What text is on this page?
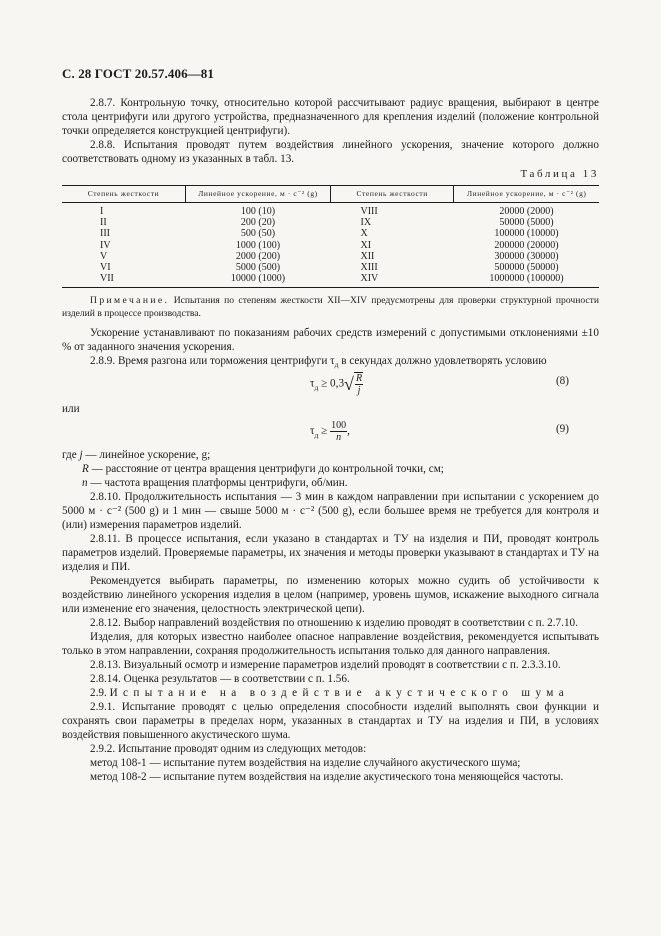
С. 28 ГОСТ 20.57.406—81

2.8.7. Контрольную точку, относительно которой рассчитывают радиус вращения, выбирают в центре стола центрифуги или другого устройства, предназначенного для крепления изделий (положение контрольной точки определяется конструкцией центрифуги).

2.8.8. Испытания проводят путем воздействия линейного ускорения, значение которого должно соответствовать одному из указанных в табл. 13.

Таблица 13
Степень жесткости	Линейное ускорение, м · с⁻² (g)	Степень жесткости	Линейное ускорение, м · с⁻² (g)
I	100 (10)	VIII	20000 (2000)
II	200 (20)	IX	50000 (5000)
III	500 (50)	X	100000 (10000)
IV	1000 (100)	XI	200000 (20000)
V	2000 (200)	XII	300000 (30000)
VI	5000 (500)	XIII	500000 (50000)
VII	10000 (1000)	XIV	1000000 (100000)

Примечание. Испытания по степеням жесткости XII—XIV предусмотрены для проверки структурной прочности изделий в процессе производства.

Ускорение устанавливают по показаниям рабочих средств измерений с допустимыми отклонениями ±10 % от заданного значения ускорения.

2.8.9. Время разгона или торможения центрифуги $\tau_д$ в секундах должно удовлетворять условию

$\tau_д \ge 0,3√ \frac{R}{j}$	(8)

или

$\tau_д \ge \frac{100}{n}$ ,	(9)

где j — линейное ускорение, g;

R — расстояние от центра вращения центрифуги до контрольной точки, см;

n — частота вращения платформы центрифуги, об/мин.

2.8.10. Продолжительность испытания — 3 мин в каждом направлении при испытании с ускорением до 5000 м · с⁻² (500 g) и 1 мин — свыше 5000 м · с⁻² (500 g), если большее время не требуется для контроля и (или) измерения параметров изделий.

2.8.11. В процессе испытания, если указано в стандартах и ТУ на изделия и ПИ, проводят контроль параметров изделий. Проверяемые параметры, их значения и методы проверки указывают в стандартах и ТУ на изделия и ПИ.

Рекомендуется выбирать параметры, по изменению которых можно судить об устойчивости к воздействию линейного ускорения изделия в целом (например, уровень шумов, искажение выходного сигнала или изменение его значения, целостность электрической цепи).

2.8.12. Выбор направлений воздействия по отношению к изделию проводят в соответствии с п. 2.7.10.

Изделия, для которых известно наиболее опасное направление воздействия, рекомендуется испытывать только в этом направлении, сохраняя продолжительность испытания только для данного направления.

2.8.13. Визуальный осмотр и измерение параметров изделий проводят в соответствии с п. 2.3.3.10.

2.8.14. Оценка результатов — в соответствии с п. 1.56.

2.9. Испытание на воздействие акустического шума

2.9.1. Испытание проводят с целью определения способности изделий выполнять свои функции и сохранять свои параметры в пределах норм, указанных в стандартах и ТУ на изделия и ПИ, в условиях воздействия повышенного акустического шума.

2.9.2. Испытание проводят одним из следующих методов:

метод 108-1 — испытание путем воздействия на изделие случайного акустического шума;

метод 108-2 — испытание путем воздействия на изделие акустического тона меняющейся частоты.
